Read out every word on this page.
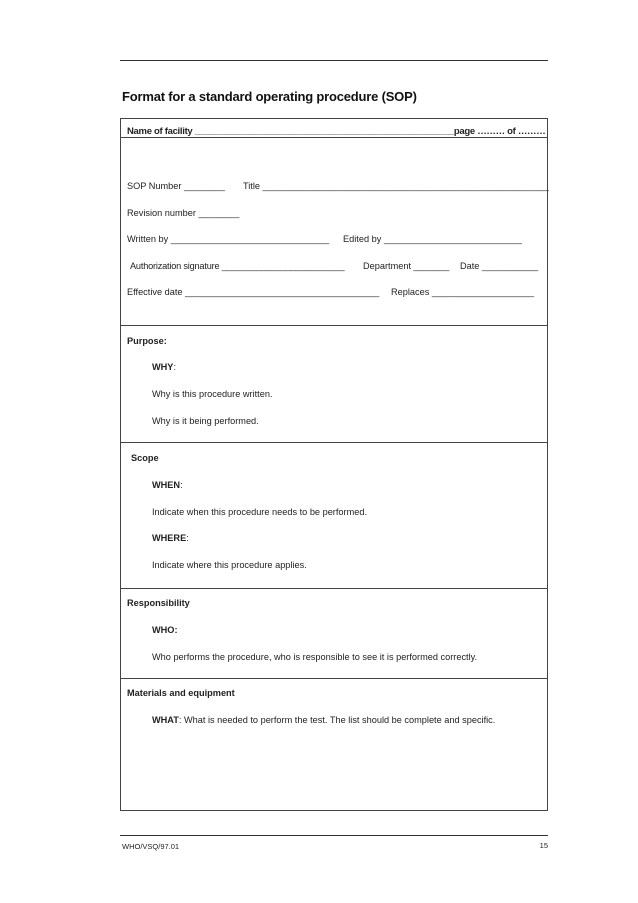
Format for a standard operating procedure (SOP)
Name of facility ____________________________________________________page ……… of ………
SOP Number ________ Title ________________________________________________________
Revision number ________
Written by _______________________________ Edited by ___________________________
Authorization signature _________________________ Department _______ Date ___________
Effective date ______________________________________ Replaces ____________________
Purpose:
WHY:
Why is this procedure written.
Why is it being performed.
Scope
WHEN:
Indicate when this procedure needs to be performed.
WHERE:
Indicate where this procedure applies.
Responsibility
WHO:
Who performs the procedure, who is responsible to see it is performed correctly.
Materials and equipment
WHAT: What is needed to perform the test. The list should be complete and specific.
WHO/VSQ/97.01	15
